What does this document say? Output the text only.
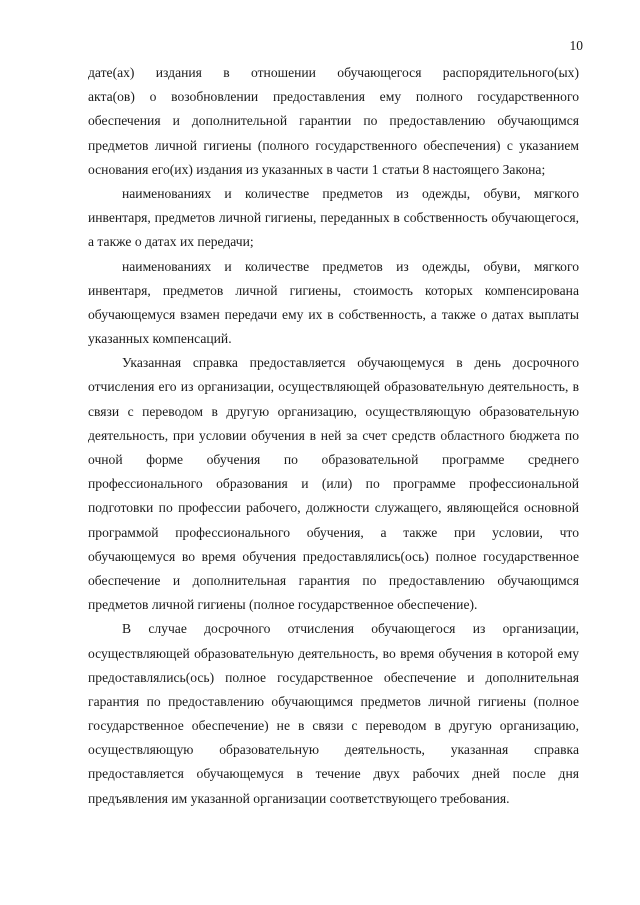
10
дате(ах) издания в отношении обучающегося распорядительного(ых)
акта(ов) о возобновлении предоставления ему полного государственного
обеспечения и дополнительной гарантии по предоставлению обучающимся
предметов личной гигиены (полного государственного обеспечения) с указанием
основания его(их) издания из указанных в части 1 статьи 8 настоящего Закона;
наименованиях и количестве предметов из одежды, обуви, мягкого
инвентаря, предметов личной гигиены, переданных в собственность обучающегося,
а также о датах их передачи;
наименованиях и количестве предметов из одежды, обуви, мягкого
инвентаря, предметов личной гигиены, стоимость которых компенсирована
обучающемуся взамен передачи ему их в собственность, а также о датах выплаты
указанных компенсаций.
Указанная справка предоставляется обучающемуся в день досрочного
отчисления его из организации, осуществляющей образовательную деятельность, в
связи с переводом в другую организацию, осуществляющую образовательную
деятельность, при условии обучения в ней за счет средств областного бюджета по
очной форме обучения по образовательной программе среднего
профессионального образования и (или) по программе профессиональной
подготовки по профессии рабочего, должности служащего, являющейся основной
программой профессионального обучения, а также при условии, что
обучающемуся во время обучения предоставлялись(ось) полное государственное
обеспечение и дополнительная гарантия по предоставлению обучающимся
предметов личной гигиены (полное государственное обеспечение).
В случае досрочного отчисления обучающегося из организации,
осуществляющей образовательную деятельность, во время обучения в которой ему
предоставлялись(ось) полное государственное обеспечение и дополнительная
гарантия по предоставлению обучающимся предметов личной гигиены (полное
государственное обеспечение) не в связи с переводом в другую организацию,
осуществляющую образовательную деятельность, указанная справка
предоставляется обучающемуся в течение двух рабочих дней после дня
предъявления им указанной организации соответствующего требования.
